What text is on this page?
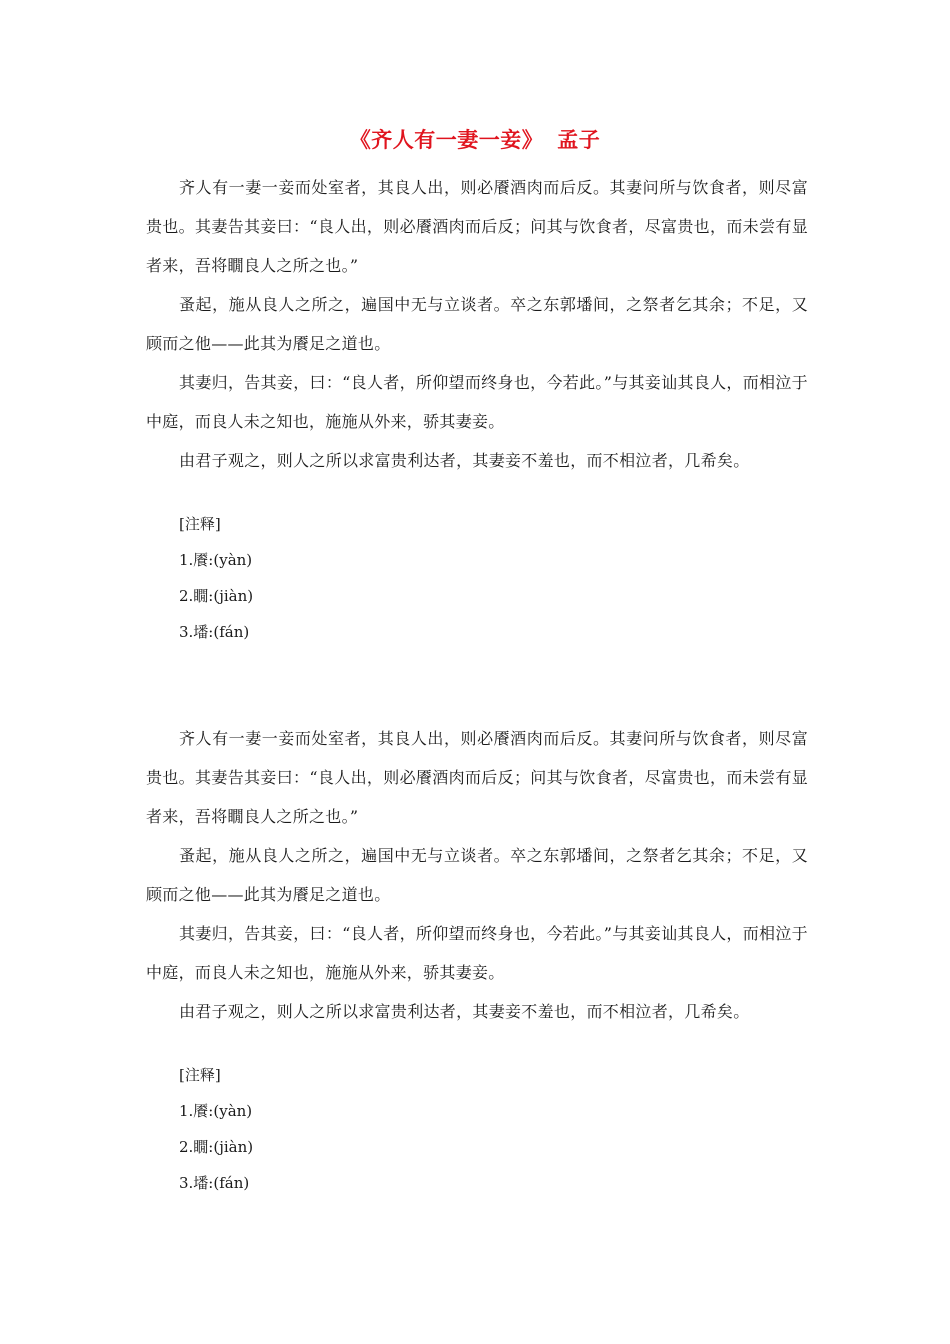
《齐人有一妻一妾》 孟子

齐人有一妻一妾而处室者，其良人出，则必餍酒肉而后反。其妻问所与饮食者，则尽富贵也。其妻告其妾曰：“良人出，则必餍酒肉而后反；问其与饮食者，尽富贵也，而未尝有显者来，吾将瞯良人之所之也。”

蚤起，施从良人之所之，遍国中无与立谈者。卒之东郭墦间，之祭者乞其余；不足，又顾而之他——此其为餍足之道也。

其妻归，告其妾，曰：“良人者，所仰望而终身也，今若此。”与其妾讪其良人，而相泣于中庭，而良人未之知也，施施从外来，骄其妻妾。

由君子观之，则人之所以求富贵利达者，其妻妾不羞也，而不相泣者，几希矣。

[注释]
1.餍:(yàn)
2.瞯:(jiàn)
3.墦:(fán)

齐人有一妻一妾而处室者，其良人出，则必餍酒肉而后反。其妻问所与饮食者，则尽富贵也。其妻告其妾曰：“良人出，则必餍酒肉而后反；问其与饮食者，尽富贵也，而未尝有显者来，吾将瞯良人之所之也。”

蚤起，施从良人之所之，遍国中无与立谈者。卒之东郭墦间，之祭者乞其余；不足，又顾而之他——此其为餍足之道也。

其妻归，告其妾，曰：“良人者，所仰望而终身也，今若此。”与其妾讪其良人，而相泣于中庭，而良人未之知也，施施从外来，骄其妻妾。

由君子观之，则人之所以求富贵利达者，其妻妾不羞也，而不相泣者，几希矣。

[注释]
1.餍:(yàn)
2.瞯:(jiàn)
3.墦:(fán)
